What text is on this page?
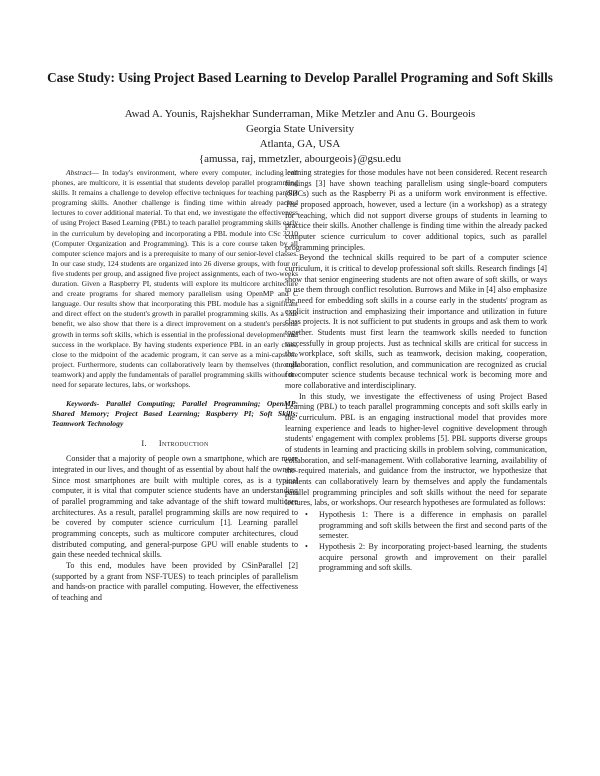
Case Study: Using Project Based Learning to Develop Parallel Programing and Soft Skills
Awad A. Younis, Rajshekhar Sunderraman, Mike Metzler and Anu G. Bourgeois
Georgia State University
Atlanta, GA, USA
{amussa, raj, mmetzler, abourgeois}@gsu.edu

Abstract— In today's environment, where every computer, including cell phones, are multicore, it is essential that students develop parallel programming skills. It remains a challenge to develop effective techniques for teaching parallel programing skills. Another challenge is finding time within already packed lectures to cover additional material. To that end, we investigate the effectiveness of using Project Based Learning (PBL) to teach parallel programming skills early in the curriculum by developing and incorporating a PBL module into CSc 3210 (Computer Organization and Programming). This is a core course taken by all computer science majors and is a prerequisite to many of our senior-level classes. In our case study, 124 students are organized into 26 diverse groups, with four or five students per group, and assigned five project assignments, each of two-weeks duration. Given a Raspberry PI, students will explore its multicore architecture and create programs for shared memory parallelism using OpenMP and C language. Our results show that incorporating this PBL module has a significant and direct effect on the student's growth in parallel programming skills. As a side benefit, we also show that there is a direct improvement on a student's personal growth in terms soft skills, which is essential in the professional development and success in the workplace. By having students experience PBL in an early class, close to the midpoint of the academic program, it can serve as a mini-capstone project. Furthermore, students can collaboratively learn by themselves (through teamwork) and apply the fundamentals of parallel programming skills without the need for separate lectures, labs, or workshops.

Keywords- Parallel Computing; Parallel Programming; OpenMP; Shared Memory; Project Based Learning; Raspberry PI; Soft Skills; Teamwork Technology

I. Introduction

Consider that a majority of people own a smartphone, which are more integrated in our lives, and thought of as essential by about half the owners. Since most smartphones are built with multiple cores, as is a typical computer, it is vital that computer science students have an understanding of parallel programming and take advantage of the shift toward multicore architectures. As a result, parallel programming skills are now required to be covered by computer science curriculum [1]. Learning parallel programming concepts, such as multicore computer architectures, cloud distributed computing, and general-purpose GPU will enable students to gain these needed technical skills.

To this end, modules have been provided by CSinParallel [2] (supported by a grant from NSF-TUES) to teach principles of parallelism and hands-on practice with parallel computing. However, the effectiveness of teaching and

learning strategies for those modules have not been considered. Recent research findings [3] have shown teaching parallelism using single-board computers (SBCs) such as the Raspberry Pi as a uniform work environment is effective. The proposed approach, however, used a lecture (in a workshop) as a strategy for teaching, which did not support diverse groups of students in learning to practice their skills. Another challenge is finding time within the already packed computer science curriculum to cover additional topics, such as parallel programming principles.

Beyond the technical skills required to be part of a computer science curriculum, it is critical to develop professional soft skills. Research findings [4] show that senior engineering students are not often aware of soft skills, or ways to use them through conflict resolution. Burrows and Mike in [4] also emphasize the need for embedding soft skills in a course early in the students' program as explicit instruction and emphasizing their importance and utilization in future class projects. It is not sufficient to put students in groups and ask them to work together. Students must first learn the teamwork skills needed to function successfully in group projects. Just as technical skills are critical for success in the workplace, soft skills, such as teamwork, decision making, cooperation, collaboration, conflict resolution, and communication are recognized as crucial for computer science students because technical work is becoming more and more collaborative and interdisciplinary.

In this study, we investigate the effectiveness of using Project Based Learning (PBL) to teach parallel programming concepts and soft skills early in the curriculum. PBL is an engaging instructional model that provides more learning experience and leads to higher-level cognitive development through students' engagement with complex problems [5]. PBL supports diverse groups of students in learning and practicing skills in problem solving, communication, collaboration, and self-management. With collaborative learning, availability of the required materials, and guidance from the instructor, we hypothesize that students can collaboratively learn by themselves and apply the fundamentals parallel programming principles and soft skills without the need for separate lectures, labs, or workshops. Our research hypotheses are formulated as follows:

• Hypothesis 1: There is a difference in emphasis on parallel programming and soft skills between the first and second parts of the semester.
• Hypothesis 2: By incorporating project-based learning, the students acquire personal growth and improvement on their parallel programming and soft skills.
